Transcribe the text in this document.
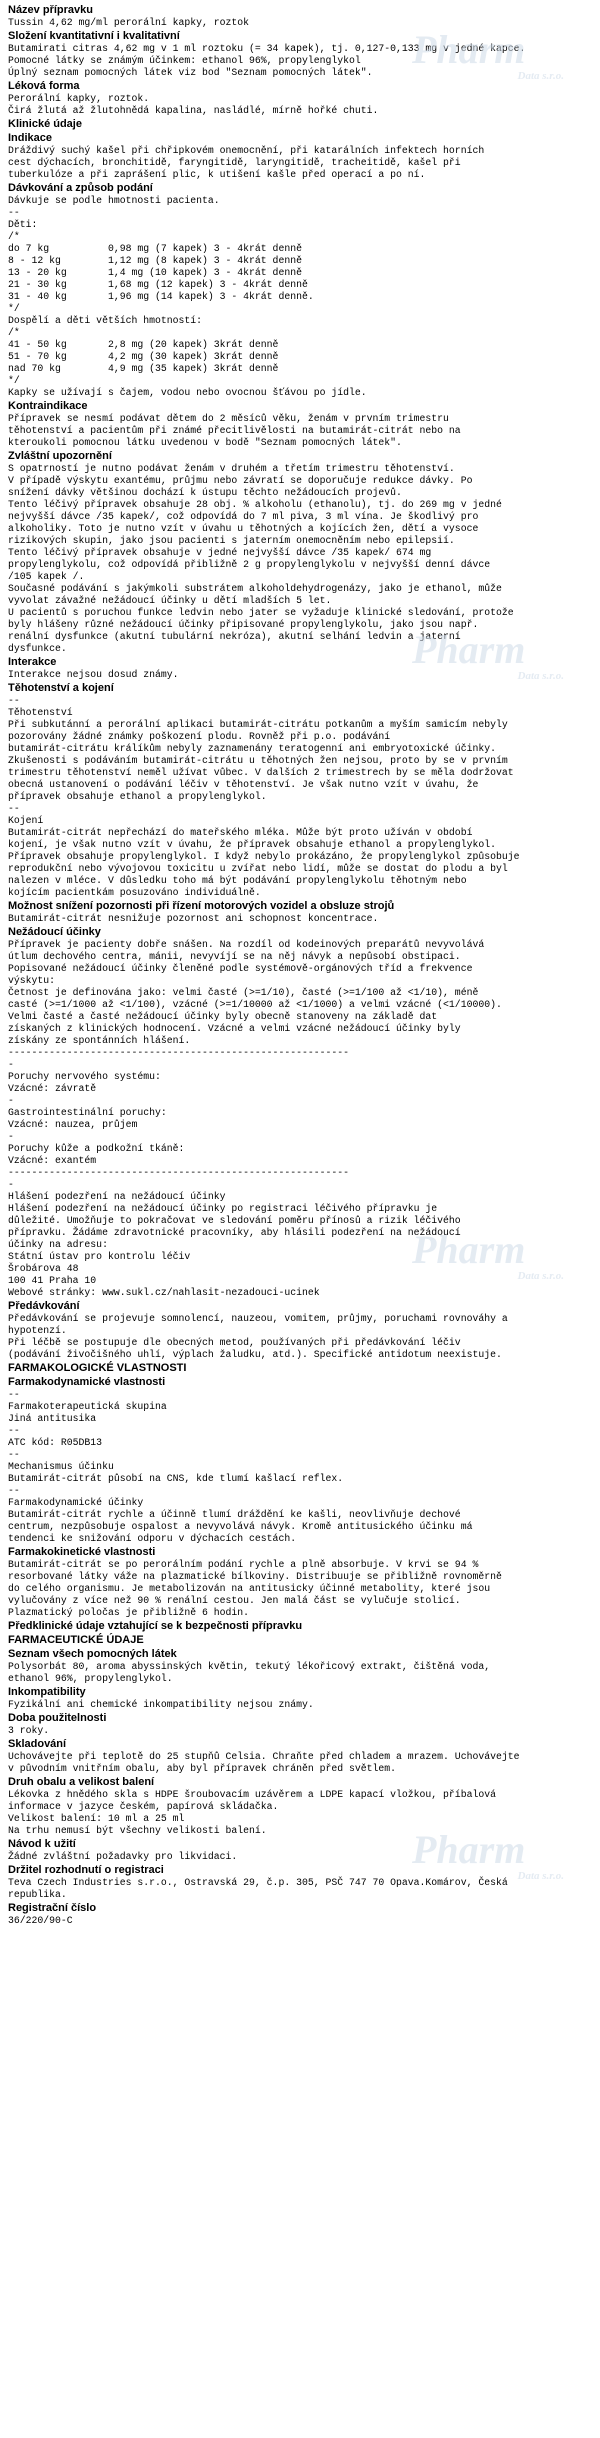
Název přípravku
Tussin 4,62 mg/ml perorální kapky, roztok
Složení kvantitativní i kvalitativní
Butamirati citras 4,62 mg v 1 ml roztoku (= 34 kapek), tj. 0,127-0,133 mg v jedné kapce.
Pomocné látky se známým účinkem: ethanol 96%, propylenglykol
Úplný seznam pomocných látek viz bod "Seznam pomocných látek".
Léková forma
Perorální kapky, roztok.
Čirá žlutá až žlutohnědá kapalina, nasládlé, mírně hořké chuti.
Klinické údaje
Indikace
Dráždivý suchý kašel při chřipkovém onemocnění, při katarálních infektech horních
cest dýchacích, bronchitidě, faryngitidě, laryngitidě, tracheitidě, kašel při
tuberkulóze a při zaprášení plic, k utišení kašle před operací a po ní.
Dávkování a způsob podání
Dávkuje se podle hmotnosti pacienta.
--
Děti:
/*
do 7 kg          0,98 mg (7 kapek) 3 - 4krát denně
8 - 12 kg        1,12 mg (8 kapek) 3 - 4krát denně
13 - 20 kg       1,4 mg (10 kapek) 3 - 4krát denně
21 - 30 kg       1,68 mg (12 kapek) 3 - 4krát denně
31 - 40 kg       1,96 mg (14 kapek) 3 - 4krát denně.
*/
Dospělí a děti větších hmotností:
/*
41 - 50 kg       2,8 mg (20 kapek) 3krát denně
51 - 70 kg       4,2 mg (30 kapek) 3krát denně
nad 70 kg        4,9 mg (35 kapek) 3krát denně
*/
Kapky se užívají s čajem, vodou nebo ovocnou šťávou po jídle.
Kontraindikace
Přípravek se nesmí podávat dětem do 2 měsíců věku, ženám v prvním trimestru
těhotenství a pacientům při známé přecitlivělosti na butamirát-citrát nebo na
kteroukoli pomocnou látku uvedenou v bodě "Seznam pomocných látek".
Zvláštní upozornění
S opatrností je nutno podávat ženám v druhém a třetím trimestru těhotenství.
V případě výskytu exantému, průjmu nebo závratí se doporučuje redukce dávky. Po
snížení dávky většinou dochází k ústupu těchto nežádoucích projevů.
Tento léčivý přípravek obsahuje 28 obj. % alkoholu (ethanolu), tj. do 269 mg v jedné
nejvyšší dávce /35 kapek/, což odpovídá do 7 ml piva, 3 ml vína. Je škodlivý pro
alkoholiky. Toto je nutno vzít v úvahu u těhotných a kojících žen, dětí a vysoce
rizikových skupin, jako jsou pacienti s jaterním onemocněním nebo epilepsií.
Tento léčivý přípravek obsahuje v jedné nejvyšší dávce /35 kapek/ 674 mg
propylenglykolu, což odpovídá přibližně 2 g propylenglykolu v nejvyšší denní dávce
/105 kapek /.
Současné podávání s jakýmkoli substrátem alkoholdehydrogenázy, jako je ethanol, může
vyvolat závažné nežádoucí účinky u dětí mladších 5 let.
U pacientů s poruchou funkce ledvin nebo jater se vyžaduje klinické sledování, protože
byly hlášeny různé nežádoucí účinky připisované propylenglykolu, jako jsou např.
renální dysfunkce (akutní tubulární nekróza), akutní selhání ledvin a jaterní
dysfunkce.
Interakce
Interakce nejsou dosud známy.
Těhotenství a kojení
--
Těhotenství
Při subkutánní a perorální aplikaci butamirát-citrátu potkanům a myším samicím nebyly
pozorovány žádné známky poškození plodu. Rovněž při p.o. podávání
butamirát-citrátu králíkům nebyly zaznamenány teratogenní ani embryotoxické účinky.
Zkušenosti s podáváním butamirát-citrátu u těhotných žen nejsou, proto by se v prvním
trimestru těhotenství neměl užívat vůbec. V dalších 2 trimestrech by se měla dodržovat
obecná ustanovení o podávání léčiv v těhotenství. Je však nutno vzít v úvahu, že
přípravek obsahuje ethanol a propylenglykol.
--
Kojení
Butamirát-citrát nepřechází do mateřského mléka. Může být proto užíván v období
kojení, je však nutno vzít v úvahu, že přípravek obsahuje ethanol a propylenglykol.
Přípravek obsahuje propylenglykol. I když nebylo prokázáno, že propylenglykol způsobuje
reprodukční nebo vývojovou toxicitu u zvířat nebo lidí, může se dostat do plodu a byl
nalezen v mléce. V důsledku toho má být podávání propylenglykolu těhotným nebo
kojícím pacientkám posuzováno individuálně.
Možnost snížení pozornosti při řízení motorových vozidel a obsluze strojů
Butamirát-citrát nesnižuje pozornost ani schopnost koncentrace.
Nežádoucí účinky
Přípravek je pacienty dobře snášen. Na rozdíl od kodeinových preparátů nevyvolává
útlum dechového centra, mánii, nevyvíjí se na něj návyk a nepůsobí obstipaci.
Popisované nežádoucí účinky členěné podle systémově-orgánových tříd a frekvence
výskytu:
Četnost je definována jako: velmi časté (>=1/10), časté (>=1/100 až <1/10), méně
casté (>=1/1000 až <1/100), vzácné (>=1/10000 až <1/1000) a velmi vzácné (<1/10000).
Velmi časté a časté nežádoucí účinky byly obecně stanoveny na základě dat
získaných z klinických hodnocení. Vzácné a velmi vzácné nežádoucí účinky byly
získány ze spontánních hlášení.
----------------------------------------------------------
-
Poruchy nervového systému:
Vzácné: závratě
-
Gastrointestinální poruchy:
Vzácné: nauzea, průjem
-
Poruchy kůže a podkožní tkáně:
Vzácné: exantém
----------------------------------------------------------
-
Hlášení podezření na nežádoucí účinky
Hlášení podezření na nežádoucí účinky po registraci léčivého přípravku je
důležité. Umožňuje to pokračovat ve sledování poměru přínosů a rizik léčivého
přípravku. Žádáme zdravotnické pracovníky, aby hlásili podezření na nežádoucí
účinky na adresu:
Státní ústav pro kontrolu léčiv
Šrobárova 48
100 41 Praha 10
Webové stránky: www.sukl.cz/nahlasit-nezadouci-ucinek
Předávkování
Předávkování se projevuje somnolencí, nauzeou, vomitem, průjmy, poruchami rovnováhy a
hypotenzí.
Při léčbě se postupuje dle obecných metod, používaných při předávkování léčiv
(podávání živočišného uhlí, výplach žaludku, atd.). Specifické antidotum neexistuje.
FARMAKOLOGICKÉ VLASTNOSTI
Farmakodynamické vlastnosti
--
Farmakoterapeutická skupina
Jiná antitusika
--
ATC kód: R05DB13
--
Mechanismus účinku
Butamirát-citrát působí na CNS, kde tlumí kašlací reflex.
--
Farmakodynamické účinky
Butamirát-citrát rychle a účinně tlumí dráždění ke kašli, neovlivňuje dechové
centrum, nezpůsobuje ospalost a nevyvolává návyk. Kromě antitusického účinku má
tendenci ke snižování odporu v dýchacích cestách.
Farmakokinetické vlastnosti
Butamirát-citrát se po perorálním podání rychle a plně absorbuje. V krvi se 94 %
resorbované látky váže na plazmatické bílkoviny. Distribuuje se přibližně rovnoměrně
do celého organismu. Je metabolizován na antitusicky účinné metabolity, které jsou
vylučovány z více než 90 % renální cestou. Jen malá část se vylučuje stolicí.
Plazmatický poločas je přibližně 6 hodin.
Předklinické údaje vztahující se k bezpečnosti přípravku
FARMACEUTICKÉ ÚDAJE
Seznam všech pomocných látek
Polysorbát 80, aroma abyssinských květin, tekutý lékořicový extrakt, čištěná voda,
ethanol 96%, propylenglykol.
Inkompatibility
Fyzikální ani chemické inkompatibility nejsou známy.
Doba použitelnosti
3 roky.
Skladování
Uchovávejte při teplotě do 25 stupňů Celsia. Chraňte před chladem a mrazem. Uchovávejte
v původním vnitřním obalu, aby byl přípravek chráněn před světlem.
Druh obalu a velikost balení
Lékovka z hnědého skla s HDPE šroubovacím uzávěrem a LDPE kapací vložkou, příbalová
informace v jazyce českém, papírová skládačka.
Velikost balení: 10 ml a 25 ml
Na trhu nemusí být všechny velikosti balení.
Návod k užití
Žádné zvláštní požadavky pro likvidaci.
Držitel rozhodnutí o registraci
Teva Czech Industries s.r.o., Ostravská 29, č.p. 305, PSČ 747 70 Opava.Komárov, Česká
republika.
Registrační číslo
36/220/90-C
Pharm
Data s.r.o.
Pharm
Data s.r.o.
Pharm
Data s.r.o.
Pharm
Data s.r.o.
